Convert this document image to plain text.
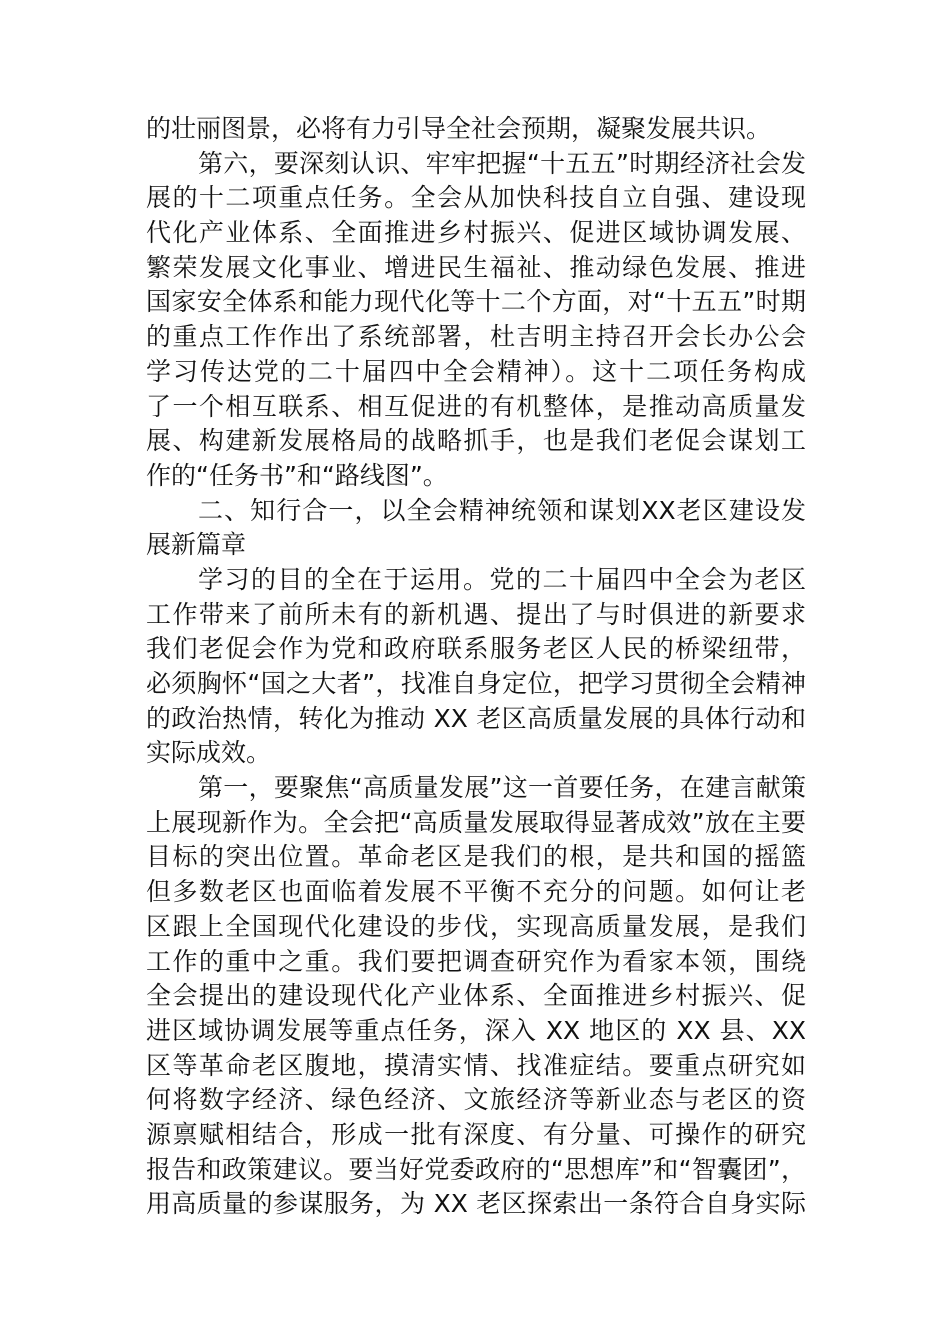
的壮丽图景，必将有力引导全社会预期，凝聚发展共识。
第六，要深刻认识、牢牢把握“十五五”时期经济社会发
展的十二项重点任务。全会从加快科技自立自强、建设现
代化产业体系、全面推进乡村振兴、促进区域协调发展、
繁荣发展文化事业、增进民生福祉、推动绿色发展、推进
国家安全体系和能力现代化等十二个方面，对“十五五”时期
的重点工作作出了系统部署，杜吉明主持召开会长办公会
学习传达党的二十届四中全会精神）。这十二项任务构成
了一个相互联系、相互促进的有机整体，是推动高质量发
展、构建新发展格局的战略抓手，也是我们老促会谋划工
作的“任务书”和“路线图”。
二、知行合一，以全会精神统领和谋划XX老区建设发
展新篇章
学习的目的全在于运用。党的二十届四中全会为老区
工作带来了前所未有的新机遇、提出了与时俱进的新要求
我们老促会作为党和政府联系服务老区人民的桥梁纽带，
必须胸怀“国之大者”，找准自身定位，把学习贯彻全会精神
的政治热情，转化为推动 XX 老区高质量发展的具体行动和
实际成效。
第一，要聚焦“高质量发展”这一首要任务，在建言献策
上展现新作为。全会把“高质量发展取得显著成效”放在主要
目标的突出位置。革命老区是我们的根，是共和国的摇篮
但多数老区也面临着发展不平衡不充分的问题。如何让老
区跟上全国现代化建设的步伐，实现高质量发展，是我们
工作的重中之重。我们要把调查研究作为看家本领，围绕
全会提出的建设现代化产业体系、全面推进乡村振兴、促
进区域协调发展等重点任务，深入 XX 地区的 XX 县、XX
区等革命老区腹地，摸清实情、找准症结。要重点研究如
何将数字经济、绿色经济、文旅经济等新业态与老区的资
源禀赋相结合，形成一批有深度、有分量、可操作的研究
报告和政策建议。要当好党委政府的“思想库”和“智囊团”，
用高质量的参谋服务，为 XX 老区探索出一条符合自身实际
